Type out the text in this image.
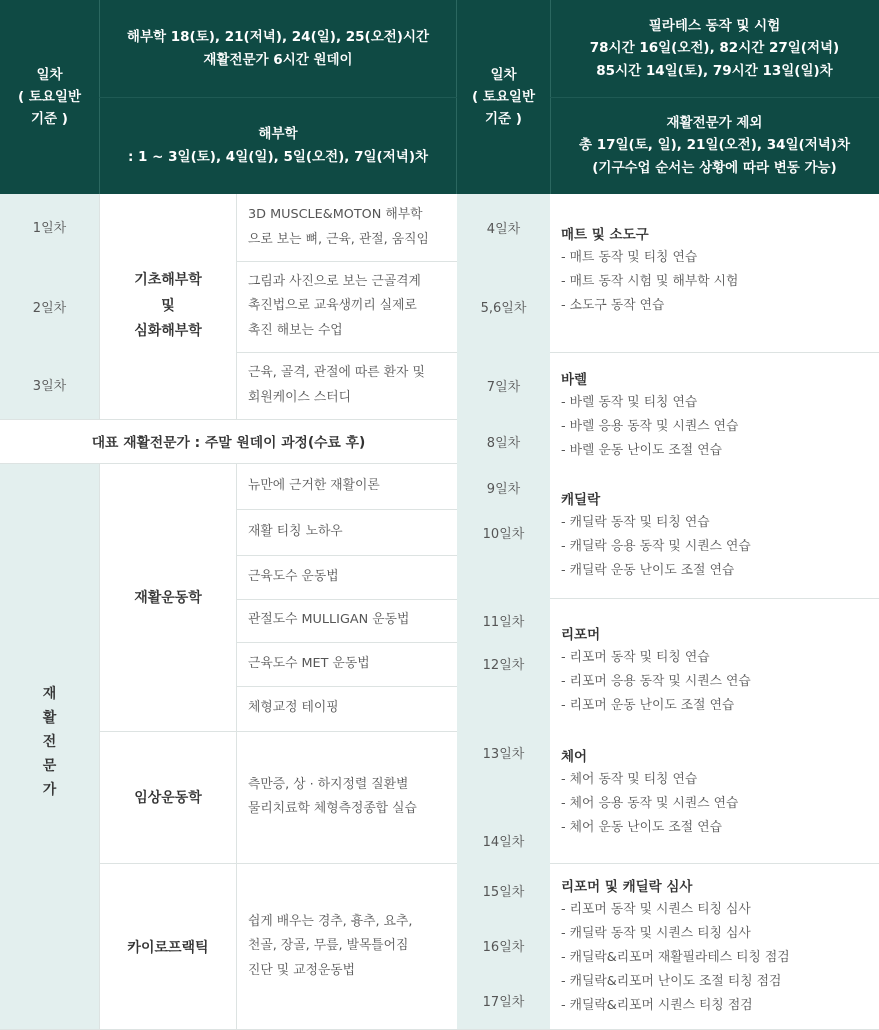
일차
( 토요일반
기준 )
해부학 18(토), 21(저녁), 24(일), 25(오전)시간
재활전문가 6시간 원데이
해부학
: 1 ~ 3일(토), 4일(일), 5일(오전), 7일(저녁)차
일차
( 토요일반
기준 )
필라테스 동작 및 시험
78시간 16일(오전), 82시간 27일(저녁)
85시간 14일(토), 79시간 13일(일)차
재활전문가 제외
총 17일(토, 일), 21일(오전), 34일(저녁)차
(기구수업 순서는 상황에 따라 변동 가능)
1일차
2일차
3일차
기초해부학
및
심화해부학
3D MUSCLE&MOTON 해부학
으로 보는 뼈, 근육, 관절, 움직임
그림과 사진으로 보는 근골격계
촉진법으로 교육생끼리 실제로
촉진 해보는 수업
근육, 골격, 관절에 따른 환자 및
회원케이스 스터디
대표 재활전문가 : 주말 원데이 과정(수료 후)
재
활
전
문
가
재활운동학
뉴만에 근거한 재활이론
재활 티칭 노하우
근육도수 운동법
관절도수 MULLIGAN 운동법
근육도수 MET 운동법
체형교정 테이핑
임상운동학
측만증, 상 · 하지정렬 질환별
물리치료학 체형측정종합 실습
카이로프랙틱
쉽게 배우는 경추, 흉추, 요추,
천골, 장골, 무릎, 발목틀어짐
진단 및 교정운동법
4일차
5,6일차
7일차
8일차
9일차
10일차
11일차
12일차
13일차
14일차
15일차
16일차
17일차
매트 및 소도구
- 매트 동작 및 티칭 연습
- 매트 동작 시험 및 해부학 시험
- 소도구 동작 연습
바렐
- 바렐 동작 및 티칭 연습
- 바렐 응용 동작 및 시퀀스 연습
- 바렐 운동 난이도 조절 연습
캐딜락
- 캐딜락 동작 및 티칭 연습
- 캐딜락 응용 동작 및 시퀀스 연습
- 캐딜락 운동 난이도 조절 연습
리포머
- 리포머 동작 및 티칭 연습
- 리포머 응용 동작 및 시퀀스 연습
- 리포머 운동 난이도 조절 연습
체어
- 체어 동작 및 티칭 연습
- 체어 응용 동작 및 시퀀스 연습
- 체어 운동 난이도 조절 연습
리포머 및 캐딜락 심사
- 리포머 동작 및 시퀀스 티칭 심사
- 캐딜락 동작 및 시퀀스 티칭 심사
- 캐딜락&리포머 재활필라테스 티칭 점검
- 캐딜락&리포머 난이도 조절 티칭 점검
- 캐딜락&리포머 시퀀스 티칭 점검
